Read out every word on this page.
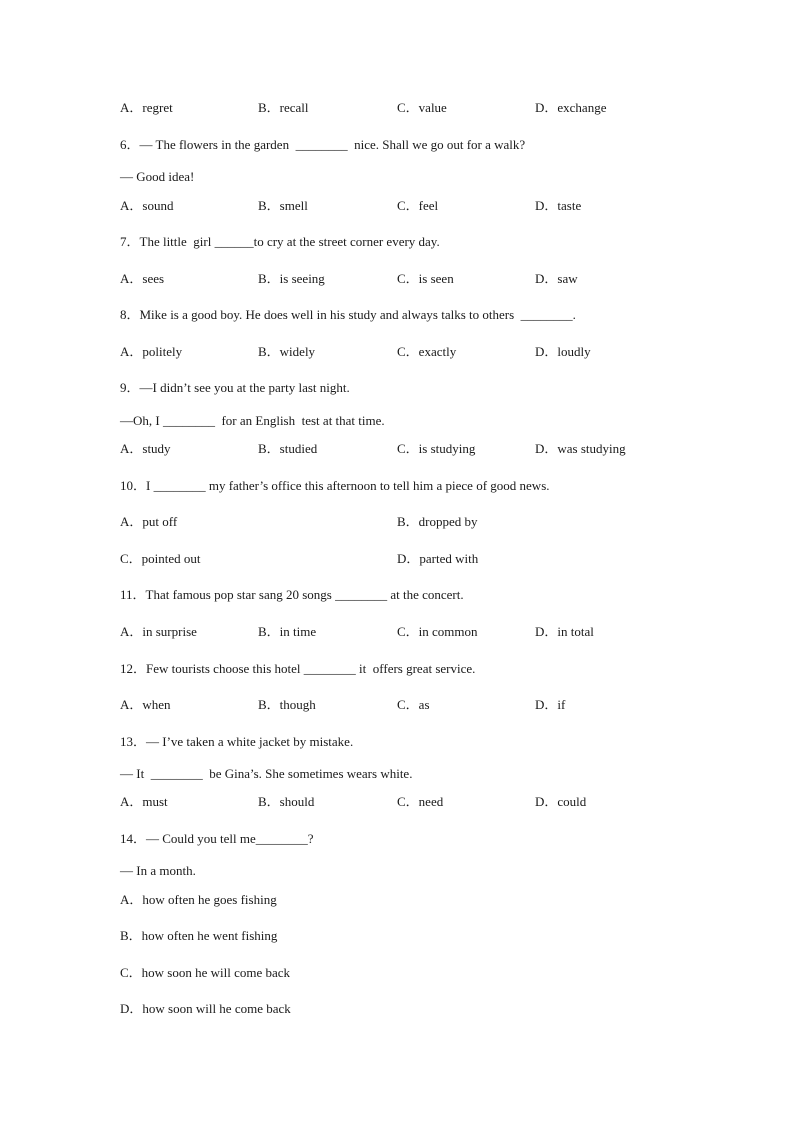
A．regret	B．recall	C．value	D．exchange
6．— The flowers in the garden  ________  nice. Shall we go out for a walk?
— Good idea!
A．sound	B．smell	C．feel	D．taste
7．The little  girl ______to cry at the street corner every day.
A．sees	B．is seeing	C．is seen	D．saw
8．Mike is a good boy. He does well in his study and always talks to others  ________.
A．politely	B．widely	C．exactly	D．loudly
9．—I didn’t see you at the party last night.
—Oh, I ________  for an English  test at that time.
A．study	B．studied	C．is studying	D．was studying
10．I ________ my father’s office this afternoon to tell him a piece of good news.
A．put off	B．dropped by
C．pointed out	D．parted with
11．That famous pop star sang 20 songs ________ at the concert.
A．in surprise	B．in time	C．in common	D．in total
12．Few tourists choose this hotel ________ it  offers great service.
A．when	B．though	C．as	D．if
13．— I’ve taken a white jacket by mistake.
— It  ________  be Gina’s. She sometimes wears white.
A．must	B．should	C．need	D．could
14．— Could you tell me________?
— In a month.
A．how often he goes fishing
B．how often he went fishing
C．how soon he will come back
D．how soon will he come back
